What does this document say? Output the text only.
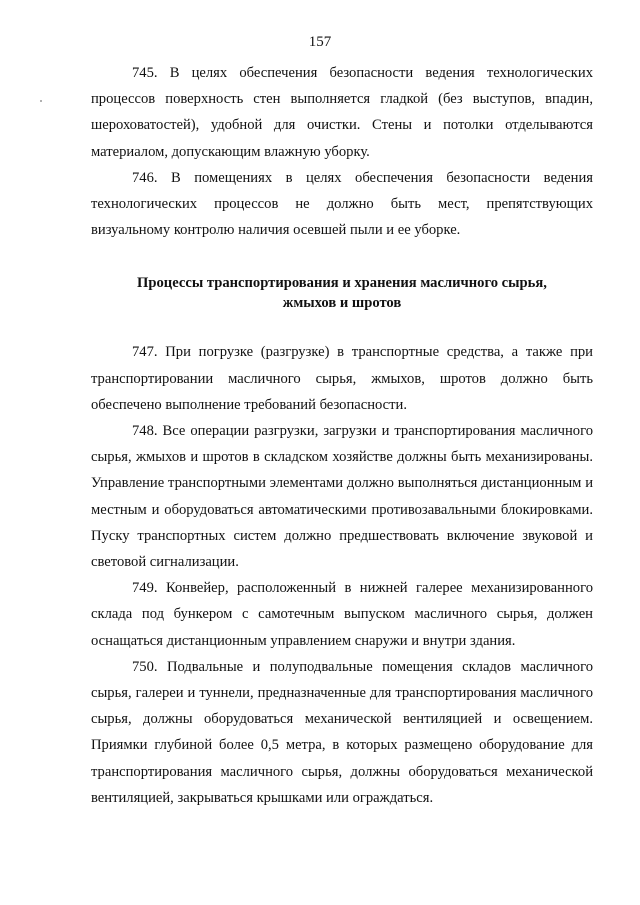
157

745. В целях обеспечения безопасности ведения технологических процессов поверхность стен выполняется гладкой (без выступов, впадин, шероховатостей), удобной для очистки. Стены и потолки отделываются материалом, допускающим влажную уборку.

746. В помещениях в целях обеспечения безопасности ведения технологических процессов не должно быть мест, препятствующих визуальному контролю наличия осевшей пыли и ее уборке.

Процессы транспортирования и хранения масличного сырья,
жмыхов и шротов

747. При погрузке (разгрузке) в транспортные средства, а также при транспортировании масличного сырья, жмыхов, шротов должно быть обеспечено выполнение требований безопасности.

748. Все операции разгрузки, загрузки и транспортирования масличного сырья, жмыхов и шротов в складском хозяйстве должны быть механизированы. Управление транспортными элементами должно выполняться дистанционным и местным и оборудоваться автоматическими противозавальными блокировками. Пуску транспортных систем должно предшествовать включение звуковой и световой сигнализации.

749. Конвейер, расположенный в нижней галерее механизированного склада под бункером с самотечным выпуском масличного сырья, должен оснащаться дистанционным управлением снаружи и внутри здания.

750. Подвальные и полуподвальные помещения складов масличного сырья, галереи и туннели, предназначенные для транспортирования масличного сырья, должны оборудоваться механической вентиляцией и освещением. Приямки глубиной более 0,5 метра, в которых размещено оборудование для транспортирования масличного сырья, должны оборудоваться механической вентиляцией, закрываться крышками или ограждаться.
